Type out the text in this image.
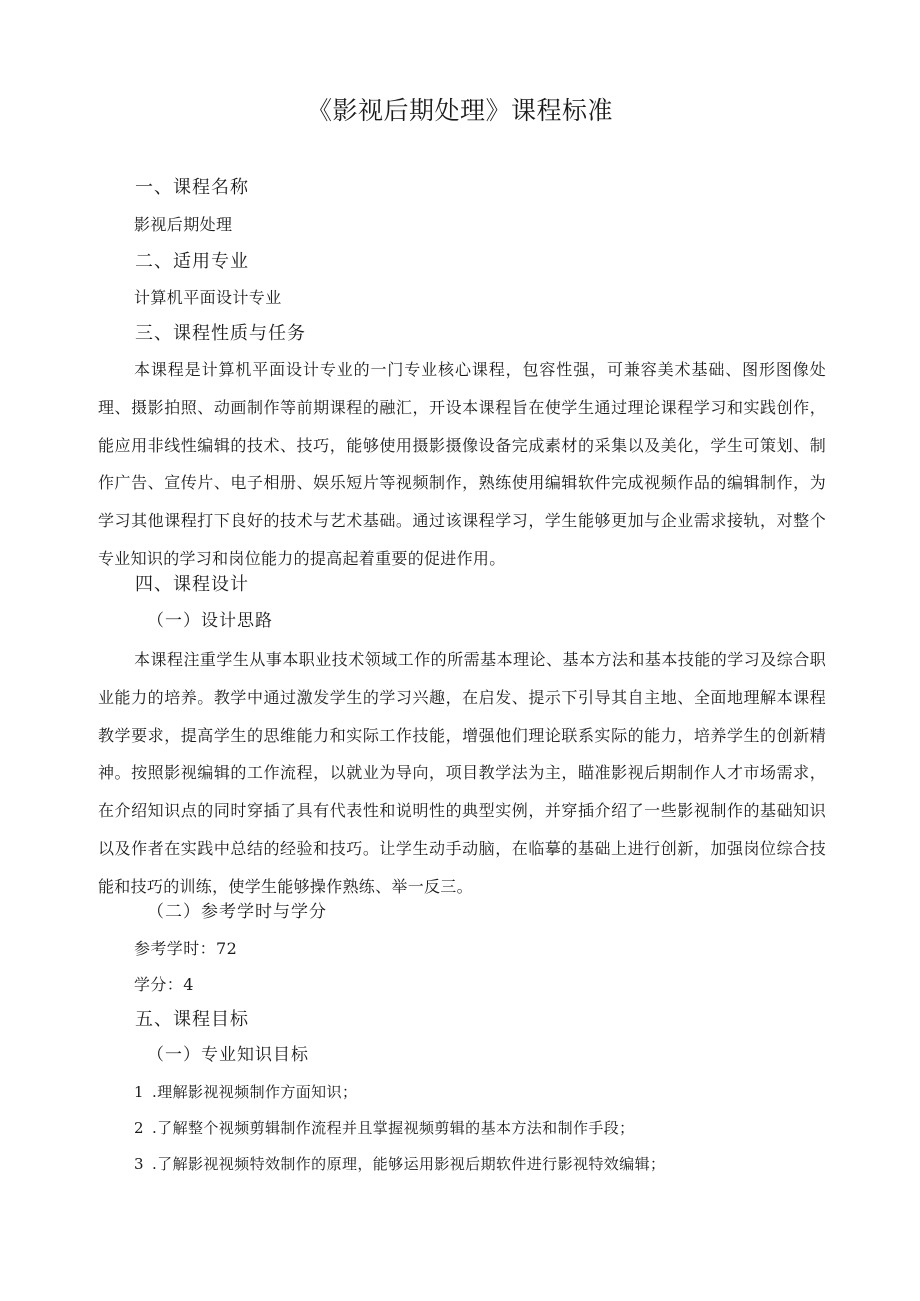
《影视后期处理》课程标准
一、课程名称
影视后期处理
二、适用专业
计算机平面设计专业
三、课程性质与任务
本课程是计算机平面设计专业的一门专业核心课程，包容性强，可兼容美术基础、图形图像处理、摄影拍照、动画制作等前期课程的融汇，开设本课程旨在使学生通过理论课程学习和实践创作，能应用非线性编辑的技术、技巧，能够使用摄影摄像设备完成素材的采集以及美化，学生可策划、制作广告、宣传片、电子相册、娱乐短片等视频制作，熟练使用编辑软件完成视频作品的编辑制作，为学习其他课程打下良好的技术与艺术基础。通过该课程学习，学生能够更加与企业需求接轨，对整个专业知识的学习和岗位能力的提高起着重要的促进作用。
四、课程设计
（一）设计思路
本课程注重学生从事本职业技术领域工作的所需基本理论、基本方法和基本技能的学习及综合职业能力的培养。教学中通过激发学生的学习兴趣，在启发、提示下引导其自主地、全面地理解本课程教学要求，提高学生的思维能力和实际工作技能，增强他们理论联系实际的能力，培养学生的创新精神。按照影视编辑的工作流程，以就业为导向，项目教学法为主，瞄准影视后期制作人才市场需求，在介绍知识点的同时穿插了具有代表性和说明性的典型实例，并穿插介绍了一些影视制作的基础知识以及作者在实践中总结的经验和技巧。让学生动手动脑，在临摹的基础上进行创新，加强岗位综合技能和技巧的训练，使学生能够操作熟练、举一反三。
（二）参考学时与学分
参考学时：72
学分：4
五、课程目标
（一）专业知识目标
1 .理解影视视频制作方面知识；
2 .了解整个视频剪辑制作流程并且掌握视频剪辑的基本方法和制作手段；
3 .了解影视视频特效制作的原理，能够运用影视后期软件进行影视特效编辑；
